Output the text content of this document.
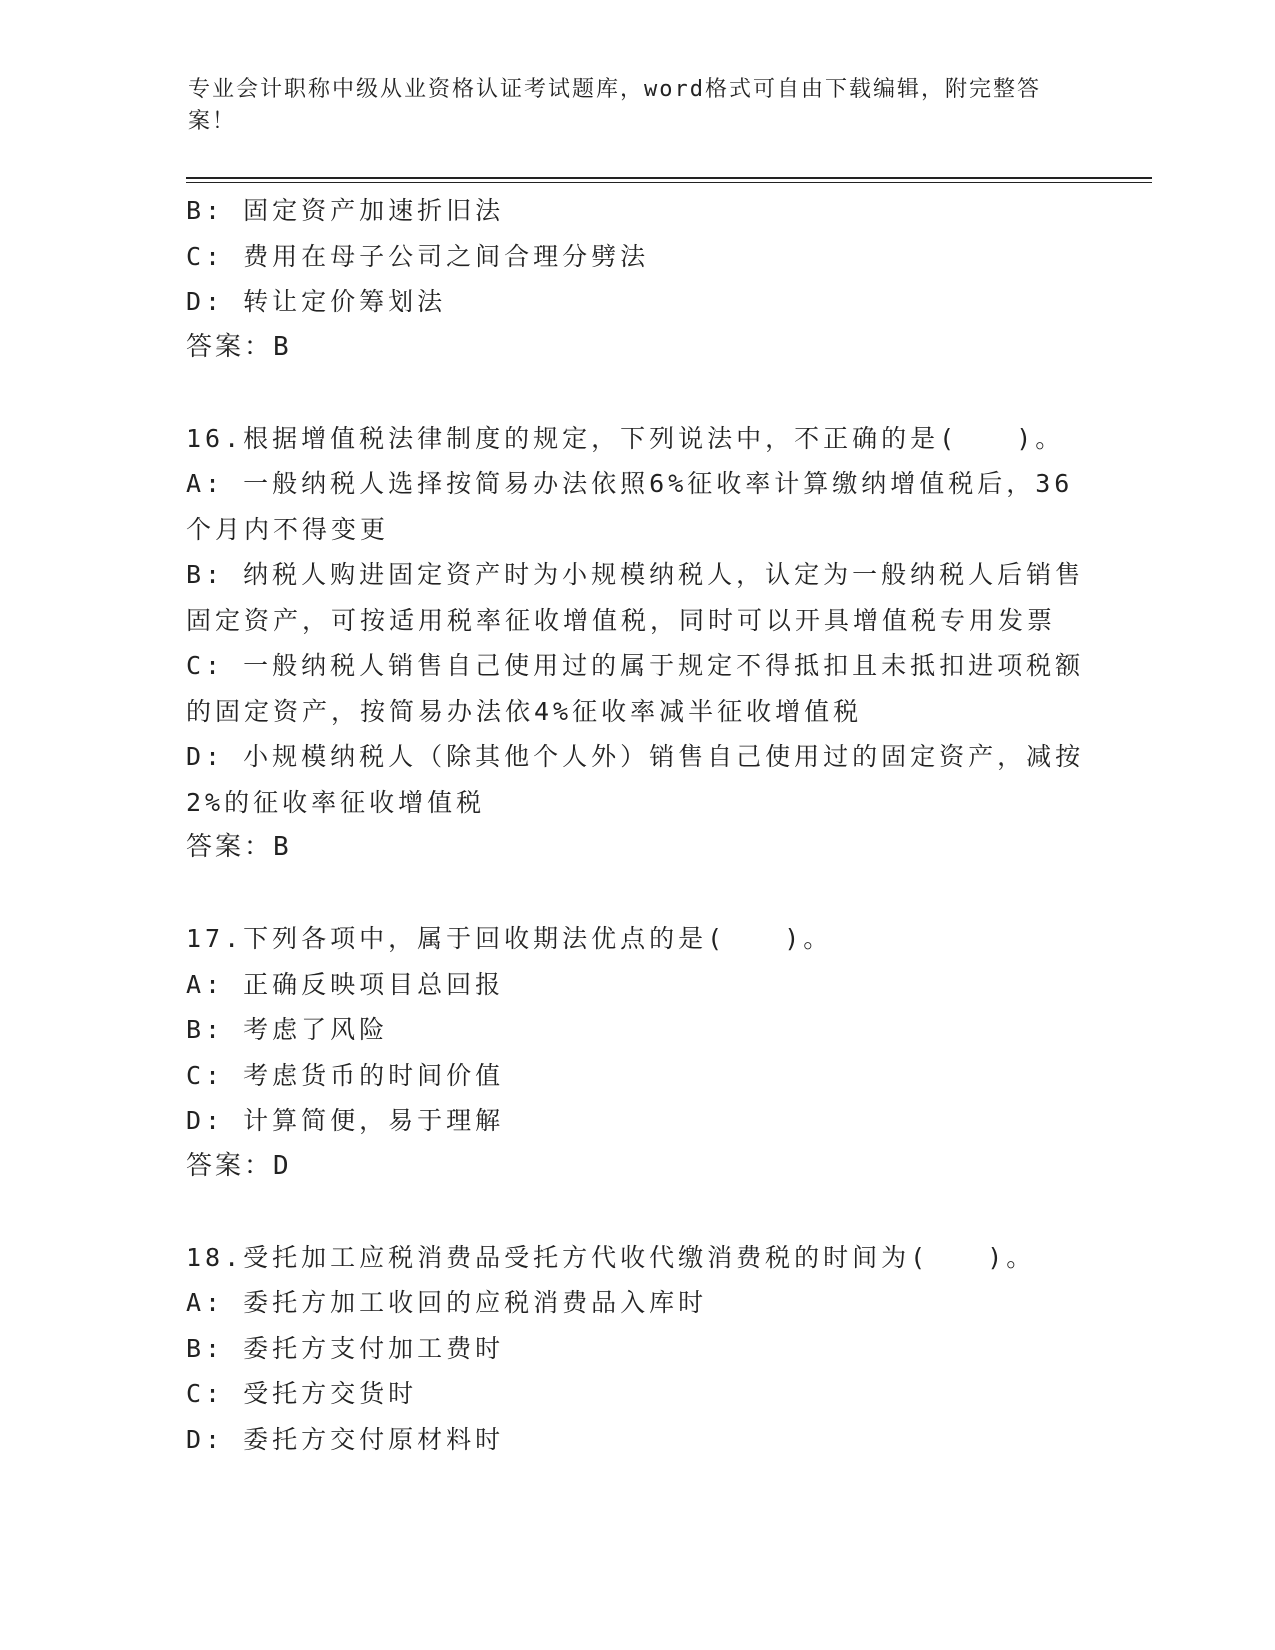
专业会计职称中级从业资格认证考试题库，word格式可自由下载编辑，附完整答案！
B: 固定资产加速折旧法
C: 费用在母子公司之间合理分劈法
D: 转让定价筹划法
答案：B
16.根据增值税法律制度的规定，下列说法中，不正确的是(　　)。
A: 一般纳税人选择按简易办法依照6%征收率计算缴纳增值税后，36
个月内不得变更
B: 纳税人购进固定资产时为小规模纳税人，认定为一般纳税人后销售
固定资产，可按适用税率征收增值税，同时可以开具增值税专用发票
C: 一般纳税人销售自己使用过的属于规定不得抵扣且未抵扣进项税额
的固定资产，按简易办法依4%征收率减半征收增值税
D: 小规模纳税人（除其他个人外）销售自己使用过的固定资产，减按
2%的征收率征收增值税
答案：B
17.下列各项中，属于回收期法优点的是(　　)。
A: 正确反映项目总回报
B: 考虑了风险
C: 考虑货币的时间价值
D: 计算简便，易于理解
答案：D
18.受托加工应税消费品受托方代收代缴消费税的时间为(　　)。
A: 委托方加工收回的应税消费品入库时
B: 委托方支付加工费时
C: 受托方交货时
D: 委托方交付原材料时
